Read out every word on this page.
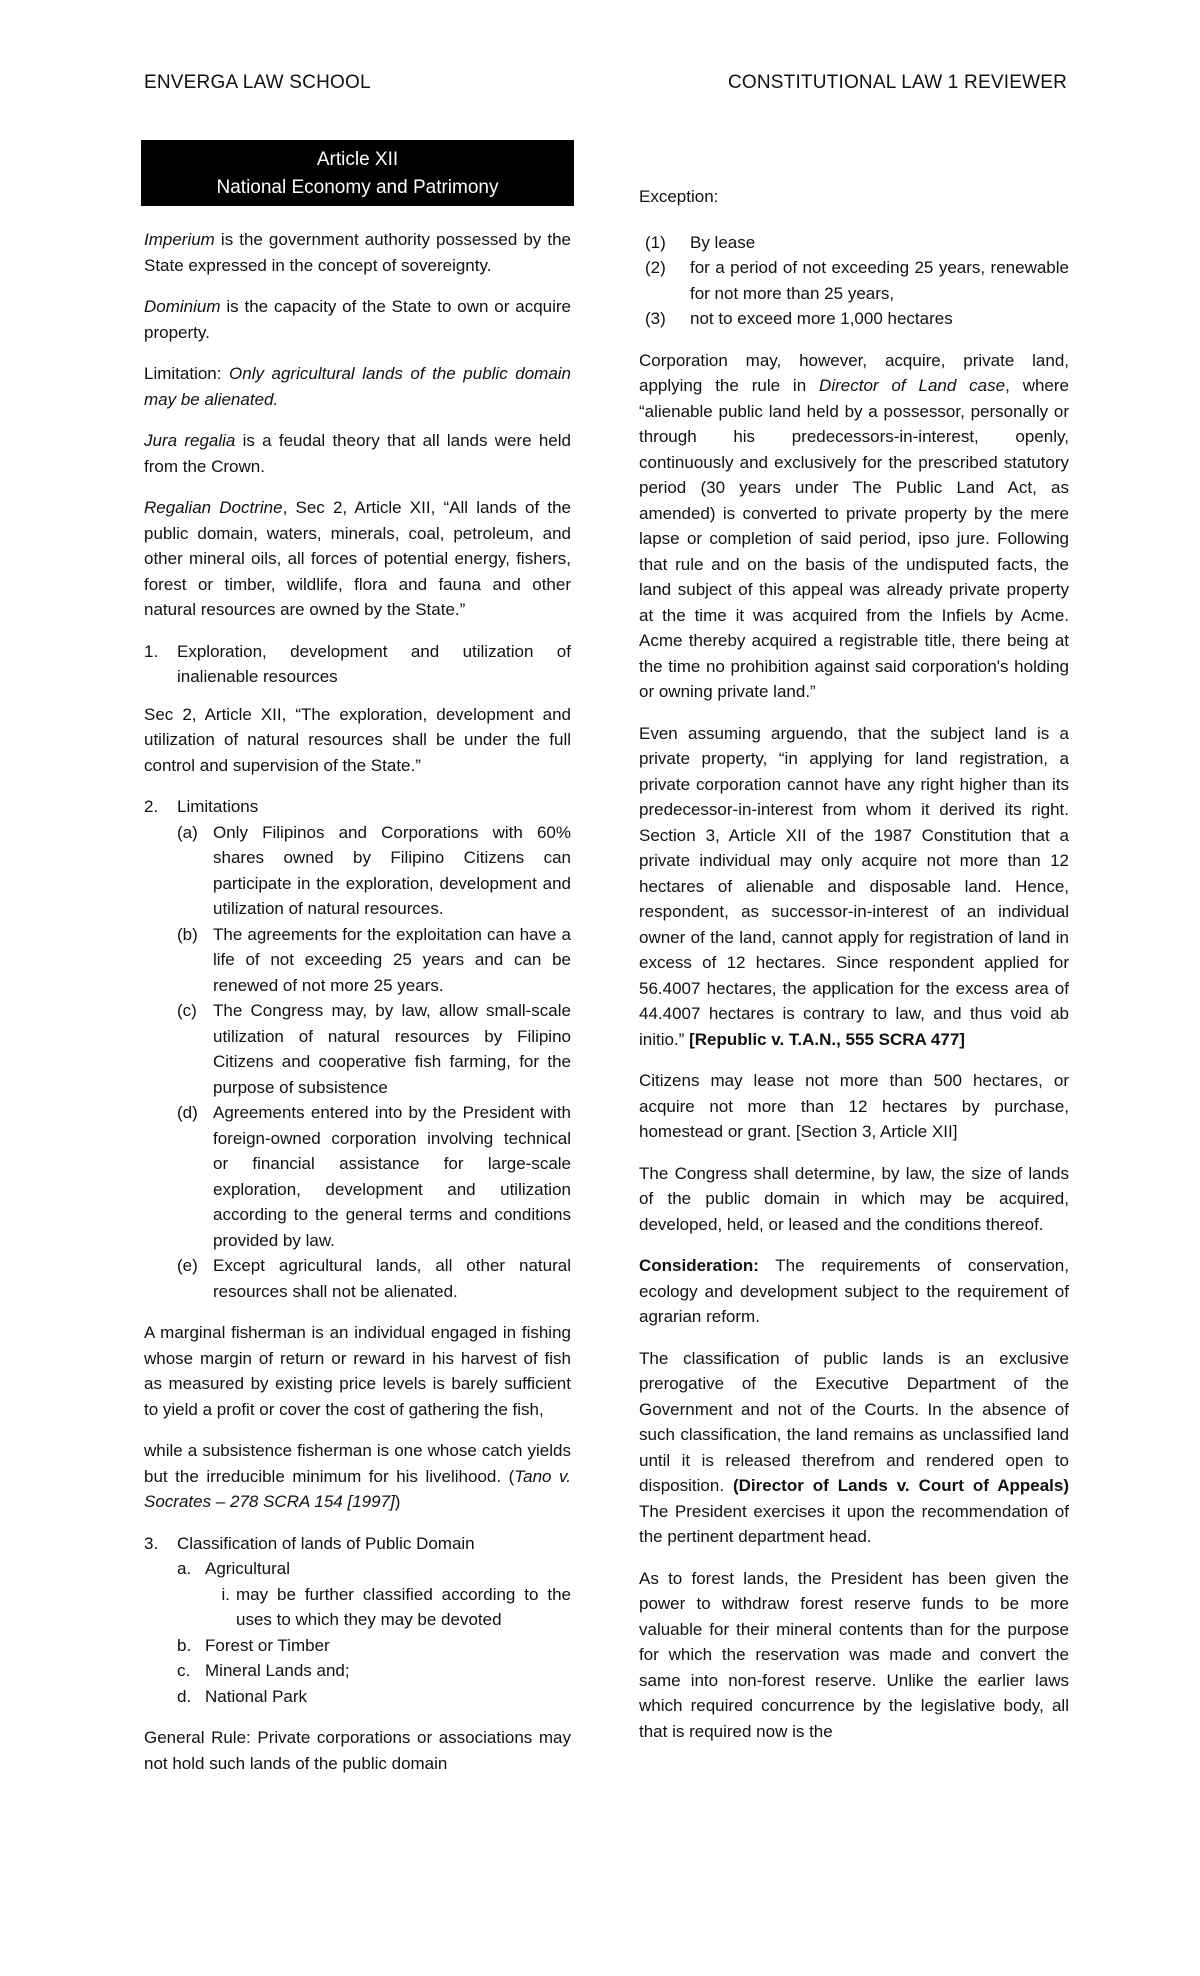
ENVERGA LAW SCHOOL	CONSTITUTIONAL LAW 1 REVIEWER
Article XII
National Economy and Patrimony

Imperium is the government authority possessed by the State expressed in the concept of sovereignty.

Dominium is the capacity of the State to own or acquire property.

Limitation: Only agricultural lands of the public domain may be alienated.

Jura regalia is a feudal theory that all lands were held from the Crown.

Regalian Doctrine, Sec 2, Article XII, “All lands of the public domain, waters, minerals, coal, petroleum, and other mineral oils, all forces of potential energy, fishers, forest or timber, wildlife, flora and fauna and other natural resources are owned by the State.”

1.	Exploration, development and utilization of inalienable resources

Sec 2, Article XII, “The exploration, development and utilization of natural resources shall be under the full control and supervision of the State.”

2.	Limitations
(a) Only Filipinos and Corporations with 60% shares owned by Filipino Citizens can participate in the exploration, development and utilization of natural resources.
(b) The agreements for the exploitation can have a life of not exceeding 25 years and can be renewed of not more 25 years.
(c) The Congress may, by law, allow small-scale utilization of natural resources by Filipino Citizens and cooperative fish farming, for the purpose of subsistence
(d) Agreements entered into by the President with foreign-owned corporation involving technical or financial assistance for large-scale exploration, development and utilization according to the general terms and conditions provided by law.
(e) Except agricultural lands, all other natural resources shall not be alienated.

A marginal fisherman is an individual engaged in fishing whose margin of return or reward in his harvest of fish as measured by existing price levels is barely sufficient to yield a profit or cover the cost of gathering the fish,

while a subsistence fisherman is one whose catch yields but the irreducible minimum for his livelihood. (Tano v. Socrates – 278 SCRA 154 [1997])

3.	Classification of lands of Public Domain
a. Agricultural
i. may be further classified according to the uses to which they may be devoted
b. Forest or Timber
c. Mineral Lands and;
d. National Park

General Rule: Private corporations or associations may not hold such lands of the public domain

Exception:

(1)	By lease
(2)	for a period of not exceeding 25 years, renewable for not more than 25 years,
(3)	not to exceed more 1,000 hectares

Corporation may, however, acquire, private land, applying the rule in Director of Land case, where “alienable public land held by a possessor, personally or through his predecessors-in-interest, openly, continuously and exclusively for the prescribed statutory period (30 years under The Public Land Act, as amended) is converted to private property by the mere lapse or completion of said period, ipso jure. Following that rule and on the basis of the undisputed facts, the land subject of this appeal was already private property at the time it was acquired from the Infiels by Acme. Acme thereby acquired a registrable title, there being at the time no prohibition against said corporation's holding or owning private land.”

Even assuming arguendo, that the subject land is a private property, “in applying for land registration, a private corporation cannot have any right higher than its predecessor-in-interest from whom it derived its right. Section 3, Article XII of the 1987 Constitution that a private individual may only acquire not more than 12 hectares of alienable and disposable land. Hence, respondent, as successor-in-interest of an individual owner of the land, cannot apply for registration of land in excess of 12 hectares. Since respondent applied for 56.4007 hectares, the application for the excess area of 44.4007 hectares is contrary to law, and thus void ab initio.” [Republic v. T.A.N., 555 SCRA 477]

Citizens may lease not more than 500 hectares, or acquire not more than 12 hectares by purchase, homestead or grant. [Section 3, Article XII]

The Congress shall determine, by law, the size of lands of the public domain in which may be acquired, developed, held, or leased and the conditions thereof.

Consideration: The requirements of conservation, ecology and development subject to the requirement of agrarian reform.

The classification of public lands is an exclusive prerogative of the Executive Department of the Government and not of the Courts. In the absence of such classification, the land remains as unclassified land until it is released therefrom and rendered open to disposition. (Director of Lands v. Court of Appeals) The President exercises it upon the recommendation of the pertinent department head.

As to forest lands, the President has been given the power to withdraw forest reserve funds to be more valuable for their mineral contents than for the purpose for which the reservation was made and convert the same into non-forest reserve. Unlike the earlier laws which required concurrence by the legislative body, all that is required now is the
